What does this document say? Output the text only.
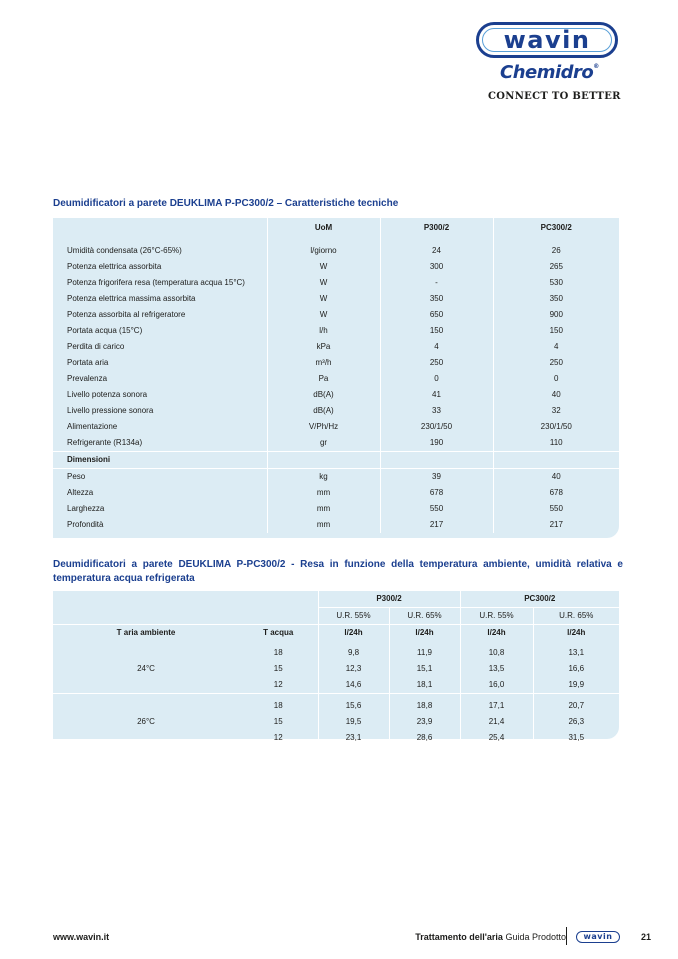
wavin
Chemidro®
CONNECT TO BETTER
Deumidificatori a parete DEUKLIMA P-PC300/2 – Caratteristiche tecniche
	UoM	P300/2	PC300/2

Umidità condensata (26°C-65%)	l/giorno	24	26
Potenza elettrica assorbita	W	300	265
Potenza frigorifera resa (temperatura acqua 15°C)	W	-	530
Potenza elettrica massima assorbita	W	350	350
Potenza assorbita al refrigeratore	W	650	900
Portata acqua (15°C)	l/h	150	150
Perdita di carico	kPa	4	4
Portata aria	m³/h	250	250
Prevalenza	Pa	0	0
Livello potenza sonora	dB(A)	41	40
Livello pressione sonora	dB(A)	33	32
Alimentazione	V/Ph/Hz	230/1/50	230/1/50
Refrigerante (R134a)	gr	190	110
Dimensioni			
Peso	kg	39	40
Altezza	mm	678	678
Larghezza	mm	550	550
Profondità	mm	217	217
Deumidificatori a parete DEUKLIMA P-PC300/2 - Resa in funzione della temperatura ambiente, umidità relativa e temperatura acqua refrigerata
		P300/2		PC300/2	
		U.R. 55%	U.R. 65%	U.R. 55%	U.R. 65%
T aria ambiente	T acqua	l/24h	l/24h	l/24h	l/24h

24°C	18	9,8	11,9	10,8	13,1
	15	12,3	15,1	13,5	16,6
	12	14,6	18,1	16,0	19,9

26°C	18	15,6	18,8	17,1	20,7
	15	19,5	23,9	21,4	26,3
	12	23,1	28,6	25,4	31,5
www.wavin.it	Trattamento dell'aria Guida Prodotto wavin	21
